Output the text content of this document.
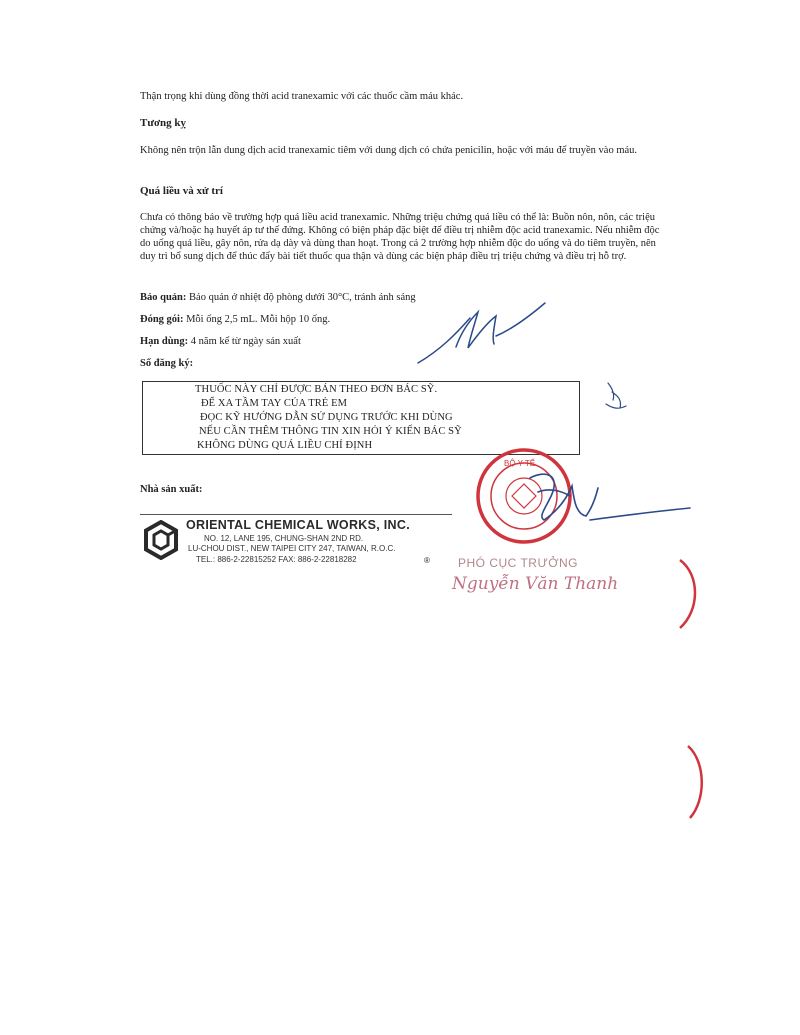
Thận trọng khi dùng đồng thời acid tranexamic với các thuốc cầm máu khác.

Tương kỵ

Không nên trộn lẫn dung dịch acid tranexamic tiêm với dung dịch có chứa penicilin, hoặc với máu để truyền vào máu.

Quá liều và xử trí

Chưa có thông báo về trường hợp quá liều acid tranexamic. Những triệu chứng quá liều có thể là: Buồn nôn, nôn, các triệu chứng và/hoặc hạ huyết áp tư thế đứng. Không có biện pháp đặc biệt để điều trị nhiễm độc acid tranexamic. Nếu nhiễm độc do uống quá liều, gây nôn, rửa dạ dày và dùng than hoạt. Trong cả 2 trường hợp nhiễm độc do uống và do tiêm truyền, nên duy trì bổ sung dịch để thúc đẩy bài tiết thuốc qua thận và dùng các biện pháp điều trị triệu chứng và điều trị hỗ trợ.

Bảo quản: Bảo quản ở nhiệt độ phòng dưới 30°C, tránh ánh sáng
Đóng gói: Mỗi ống 2,5 mL. Mỗi hộp 10 ống.
Hạn dùng: 4 năm kể từ ngày sản xuất
Số đăng ký:
THUỐC NÀY CHỈ ĐƯỢC BÁN THEO ĐƠN BÁC SỸ.
ĐỂ XA TẦM TAY CỦA TRẺ EM
ĐỌC KỸ HƯỚNG DẪN SỬ DỤNG TRƯỚC KHI DÙNG
NẾU CẦN THÊM THÔNG TIN XIN HỎI Ý KIẾN BÁC SỸ
KHÔNG DÙNG QUÁ LIỀU CHỈ ĐỊNH
Nhà sản xuất:
ORIENTAL CHEMICAL WORKS, INC.
NO. 12, LANE 195, CHUNG-SHAN 2ND RD.
LU-CHOU DIST., NEW TAIPEI CITY 247, TAIWAN, R.O.C.
TEL.: 886-2-22815252 FAX: 886-2-22818282	®
BỘ Y TẾ
PHÓ CỤC TRƯỞNG
Nguyễn Văn Thanh
